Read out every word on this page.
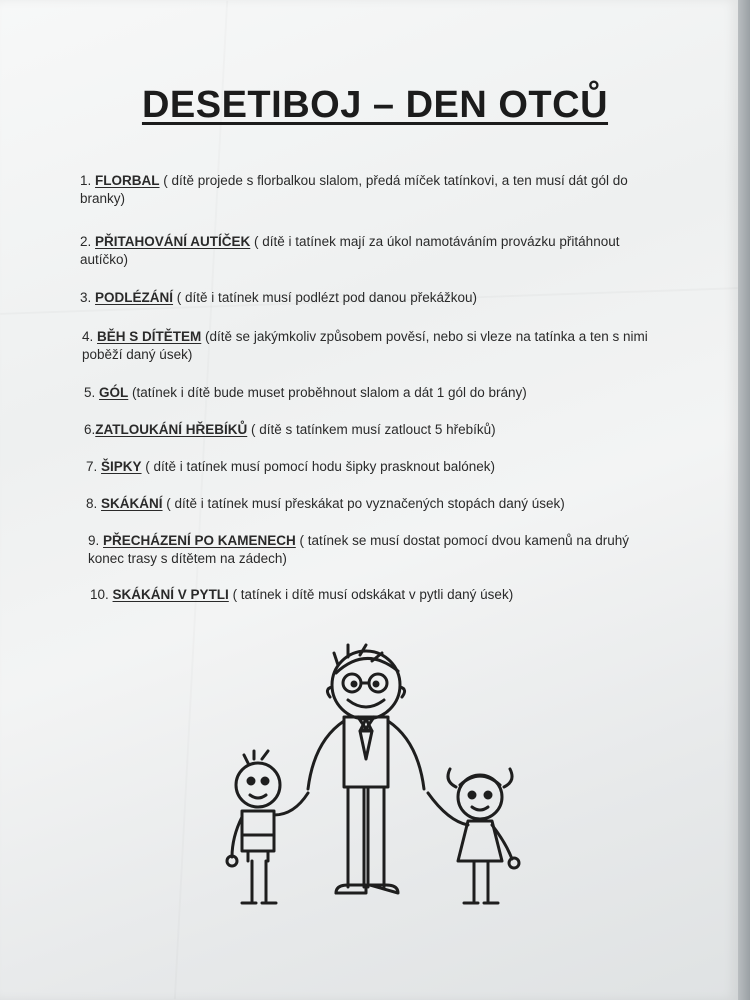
DESETIBOJ – DEN OTCŮ
1. FLORBAL ( dítě projede s florbalkou slalom, předá míček tatínkovi, a ten musí dát gól do branky)
2. PŘITAHOVÁNÍ AUTÍČEK ( dítě i tatínek mají za úkol namotáváním provázku přitáhnout autíčko)
3. PODLÉZÁNÍ ( dítě i tatínek musí podlézt pod danou překážkou)
4. BĚH S DÍTĚTEM (dítě se jakýmkoliv způsobem pověsí, nebo si vleze na tatínka a ten s nimi poběží daný úsek)
5. GÓL (tatínek i dítě bude muset proběhnout slalom a dát 1 gól do brány)
6.ZATLOUKÁNÍ HŘEBÍKŮ ( dítě s tatínkem musí zatlouct 5 hřebíků)
7. ŠIPKY ( dítě i tatínek musí pomocí hodu šipky prasknout balónek)
8. SKÁKÁNÍ ( dítě i tatínek musí přeskákat po vyznačených stopách daný úsek)
9. PŘECHÁZENÍ PO KAMENECH ( tatínek se musí dostat pomocí dvou kamenů na druhý konec trasy s dítětem na zádech)
10. SKÁKÁNÍ V PYTLI ( tatínek i dítě musí odskákat v pytli daný úsek)
